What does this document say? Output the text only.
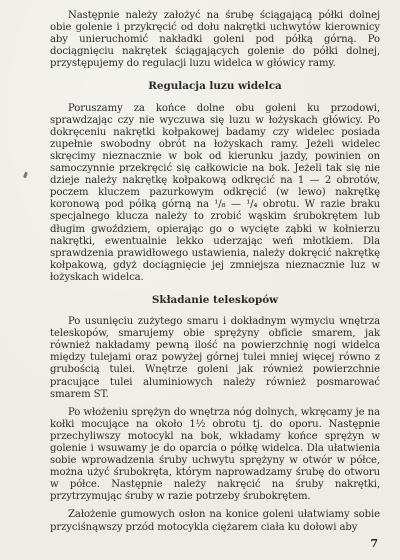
Następnie należy założyć na śrubę ściągającą półki dolnej obie golenie i przykręcić od dołu nakrętki uchwytów kierownicy aby unieruchomić nakładki goleni pod półką górną. Po dociągnięciu nakrętek ściągających golenie do półki dolnej, przystępujemy do regulacji luzu widelca w główicy ramy.

Regulacja luzu widelca

Poruszamy za końce dolne obu goleni ku przodowi, sprawdzając czy nie wyczuwa się luzu w łożyskach główicy. Po dokręceniu nakrętki kołpakowej badamy czy widelec posiada zupełnie swobodny obrót na łożyskach ramy. Jeżeli widelec skręcimy nieznacznie w bok od kierunku jazdy, powinien on samoczynnie przekręcić się całkowicie na bok. Jeżeli tak się nie dzieje należy nakrętkę kołpakową odkręcić na 1 — 2 obrotów, poczem kluczem pazurkowym odkręcić (w lewo) nakrętkę koronową pod półką górną na ¹/₈ — ¹/₄ obrotu. W razie braku specjalnego klucza należy to zrobić wąskim śrubokrętem lub długim gwoździem, opierając go o wycięte ząbki w kołnierzu nakrętki, ewentualnie lekko uderzając weń młotkiem. Dla sprawdzenia prawidłowego ustawienia, należy dokręcić nakrętkę kołpakową, gdyż dociągnięcie jej zmniejsza nieznacznie luz w łożyskach widelca.

Składanie teleskopów

Po usunięciu zużytego smaru i dokładnym wymyciu wnętrza teleskopów, smarujemy obie sprężyny obficie smarem, jak również nakładamy pewną ilość na powierzchnię nogi widelca między tulejami oraz powyżej górnej tulei mniej więcej równo z grubością tulei. Wnętrze goleni jak również powierzchnie pracujące tulei aluminiowych należy również posmarować smarem ST.

Po włożeniu sprężyn do wnętrza nóg dolnych, wkręcamy je na kołki mocujące na około 1½ obrotu tj. do oporu. Następnie przechyliwszy motocykl na bok, wkładamy końce sprężyn w golenie i wsuwamy je do oparcia o półkę widelca. Dla ułatwienia sobie wprowadzenia śruby uchwytu sprężyny w otwór w półce, można użyć śrubokręta, którym naprowadzamy śrubę do otworu w półce. Następnie należy nakręcić na śruby nakrętki, przytrzymując śruby w razie potrzeby śrubokrętem.

Założenie gumowych osłon na konice goleni ułatwiamy sobie przyciśnąwszy przód motocykla ciężarem ciała ku dołowi aby

7
